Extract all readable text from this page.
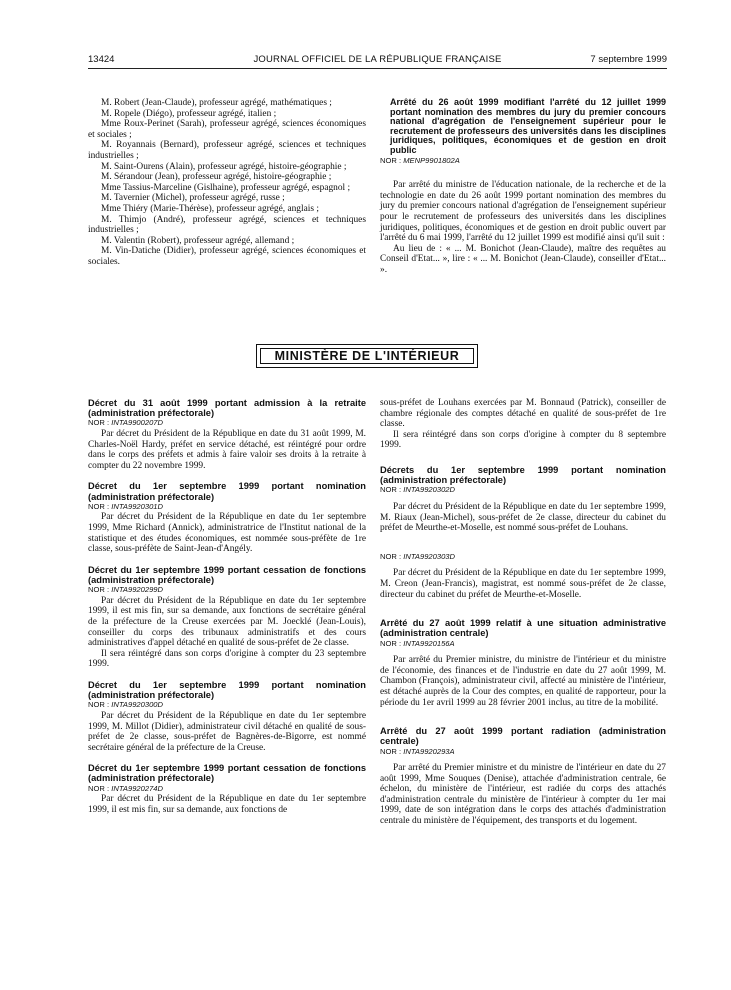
13424	JOURNAL OFFICIEL DE LA RÉPUBLIQUE FRANÇAISE	7 septembre 1999

M. Robert (Jean-Claude), professeur agrégé, mathématiques ;

M. Ropele (Diégo), professeur agrégé, italien ;

Mme Roux-Perinet (Sarah), professeur agrégé, sciences économiques et sociales ;

M. Royannais (Bernard), professeur agrégé, sciences et techniques industrielles ;

M. Saint-Ourens (Alain), professeur agrégé, histoire-géographie ;

M. Sérandour (Jean), professeur agrégé, histoire-géographie ;

Mme Tassius-Marceline (Gislhaine), professeur agrégé, espagnol ;

M. Tavernier (Michel), professeur agrégé, russe ;

Mme Thiéry (Marie-Thérèse), professeur agrégé, anglais ;

M. Thimjo (André), professeur agrégé, sciences et techniques industrielles ;

M. Valentin (Robert), professeur agrégé, allemand ;

M. Vin-Datiche (Didier), professeur agrégé, sciences économiques et sociales.

Arrêté du 26 août 1999 modifiant l'arrêté du 12 juillet 1999 portant nomination des membres du jury du premier concours national d'agrégation de l'enseignement supérieur pour le recrutement de professeurs des universités dans les disciplines juridiques, politiques, économiques et de gestion en droit public

NOR : MENP9901802A

Par arrêté du ministre de l'éducation nationale, de la recherche et de la technologie en date du 26 août 1999 portant nomination des membres du jury du premier concours national d'agrégation de l'enseignement supérieur pour le recrutement de professeurs des universités dans les disciplines juridiques, politiques, économiques et de gestion en droit public ouvert par l'arrêté du 6 mai 1999, l'arrêté du 12 juillet 1999 est modifié ainsi qu'il suit :

Au lieu de : « ... M. Bonichot (Jean-Claude), maître des requêtes au Conseil d'Etat... », lire : « ... M. Bonichot (Jean-Claude), conseiller d'Etat... ».

MINISTÈRE DE L'INTÉRIEUR

Décret du 31 août 1999 portant admission à la retraite (administration préfectorale)

NOR : INTA9900207D

Par décret du Président de la République en date du 31 août 1999, M. Charles-Noël Hardy, préfet en service détaché, est réintégré pour ordre dans le corps des préfets et admis à faire valoir ses droits à la retraite à compter du 22 novembre 1999.

Décret du 1er septembre 1999 portant nomination (administration préfectorale)

NOR : INTA9920301D

Par décret du Président de la République en date du 1er septembre 1999, Mme Richard (Annick), administratrice de l'Institut national de la statistique et des études économiques, est nommée sous-préfète de 1re classe, sous-préfète de Saint-Jean-d'Angély.

Décret du 1er septembre 1999 portant cessation de fonctions (administration préfectorale)

NOR : INTA9920299D

Par décret du Président de la République en date du 1er septembre 1999, il est mis fin, sur sa demande, aux fonctions de secrétaire général de la préfecture de la Creuse exercées par M. Joecklé (Jean-Louis), conseiller du corps des tribunaux administratifs et des cours administratives d'appel détaché en qualité de sous-préfet de 2e classe.

Il sera réintégré dans son corps d'origine à compter du 23 septembre 1999.

Décret du 1er septembre 1999 portant nomination (administration préfectorale)

NOR : INTA9920300D

Par décret du Président de la République en date du 1er septembre 1999, M. Millot (Didier), administrateur civil détaché en qualité de sous-préfet de 2e classe, sous-préfet de Bagnères-de-Bigorre, est nommé secrétaire général de la préfecture de la Creuse.

Décret du 1er septembre 1999 portant cessation de fonctions (administration préfectorale)

NOR : INTA9920274D

Par décret du Président de la République en date du 1er septembre 1999, il est mis fin, sur sa demande, aux fonctions de

sous-préfet de Louhans exercées par M. Bonnaud (Patrick), conseiller de chambre régionale des comptes détaché en qualité de sous-préfet de 1re classe.

Il sera réintégré dans son corps d'origine à compter du 8 septembre 1999.

Décrets du 1er septembre 1999 portant nomination (administration préfectorale)

NOR : INTA9920302D

Par décret du Président de la République en date du 1er septembre 1999, M. Riaux (Jean-Michel), sous-préfet de 2e classe, directeur du cabinet du préfet de Meurthe-et-Moselle, est nommé sous-préfet de Louhans.

NOR : INTA9920303D

Par décret du Président de la République en date du 1er septembre 1999, M. Creon (Jean-Francis), magistrat, est nommé sous-préfet de 2e classe, directeur du cabinet du préfet de Meurthe-et-Moselle.

Arrêté du 27 août 1999 relatif à une situation administrative (administration centrale)

NOR : INTA9920156A

Par arrêté du Premier ministre, du ministre de l'intérieur et du ministre de l'économie, des finances et de l'industrie en date du 27 août 1999, M. Chambon (François), administrateur civil, affecté au ministère de l'intérieur, est détaché auprès de la Cour des comptes, en qualité de rapporteur, pour la période du 1er avril 1999 au 28 février 2001 inclus, au titre de la mobilité.

Arrêté du 27 août 1999 portant radiation (administration centrale)

NOR : INTA9920293A

Par arrêté du Premier ministre et du ministre de l'intérieur en date du 27 août 1999, Mme Souques (Denise), attachée d'administration centrale, 6e échelon, du ministère de l'intérieur, est radiée du corps des attachés d'administration centrale du ministère de l'intérieur à compter du 1er mai 1999, date de son intégration dans le corps des attachés d'administration centrale du ministère de l'équipement, des transports et du logement.
